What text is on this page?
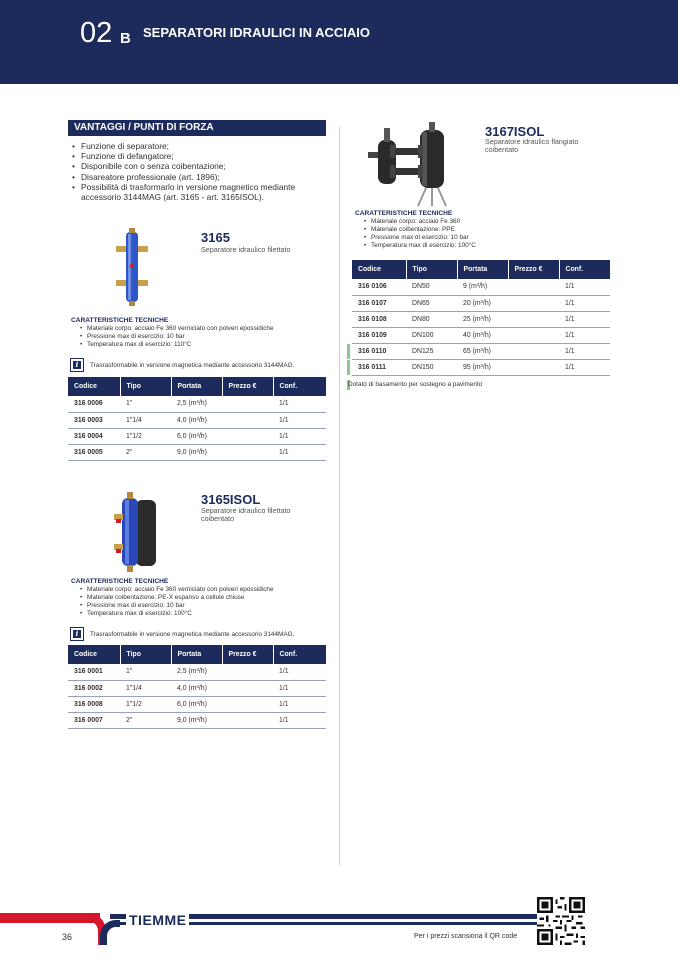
02 B SEPARATORI IDRAULICI IN ACCIAIO
VANTAGGI / PUNTI DI FORZA
• Funzione di separatore;
• Funzione di defangatore;
• Disponibile con o senza coibentazione;
• Disareatore professionale (art. 1896);
• Possibilità di trasformarlo in versione magnetico mediante accessorio 3144MAG (art. 3165 - art. 3165ISOL).
3165
Separatore idraulico filettato
CARATTERISTICHE TECNICHE
• Materiale corpo: acciaio Fe 360 verniciato con polveri epossidiche
• Pressione max di esercizio: 10 bar
• Temperatura max di esercizio: 110°C
i	Trasrasformabile in versione magnetica mediante accessorio 3144MAG.
Codice	Tipo	Portata	Prezzo €	Conf.
316 0006	1"	2,5 (m³/h)		1/1
316 0003	1"1/4	4,0 (m³/h)		1/1
316 0004	1"1/2	6,0 (m³/h)		1/1
316 0005	2"	9,0 (m³/h)		1/1
3165ISOL
Separatore idraulico filettato coibentato
CARATTERISTICHE TECNICHE
• Materiale corpo: acciaio Fe 360 verniciato con polveri epossidiche
• Materiale coibentazione: PE-X espanso a cellule chiuse
• Pressione max di esercizio: 10 bar
• Temperatura max di esercizio: 100°C
i	Trasrasformabile in versione magnetica mediante accessorio 3144MAG.
Codice	Tipo	Portata	Prezzo €	Conf.
316 0001	1"	2,5 (m³/h)		1/1
316 0002	1"1/4	4,0 (m³/h)		1/1
316 0008	1"1/2	6,0 (m³/h)		1/1
316 0007	2"	9,0 (m³/h)		1/1
3167ISOL
Separatore idraulico flangiato coibentato
CARATTERISTICHE TECNICHE
• Materiale corpo: acciaio Fe 360
• Materiale coibentazione: PPE
• Pressione max di esercizio: 10 bar
• Temperatura max di esercizio: 100°C
Codice	Tipo	Portata	Prezzo €	Conf.
316 0106	DN50	9 (m³/h)		1/1
316 0107	DN65	20 (m³/h)		1/1
316 0108	DN80	25 (m³/h)		1/1
316 0109	DN100	40 (m³/h)		1/1
316 0110	DN125	65 (m³/h)		1/1
316 0111	DN150	95 (m³/h)		1/1
Dotato di basamento per sostegno a pavimento
TIEMME
36	Per i prezzi scansiona il QR code
